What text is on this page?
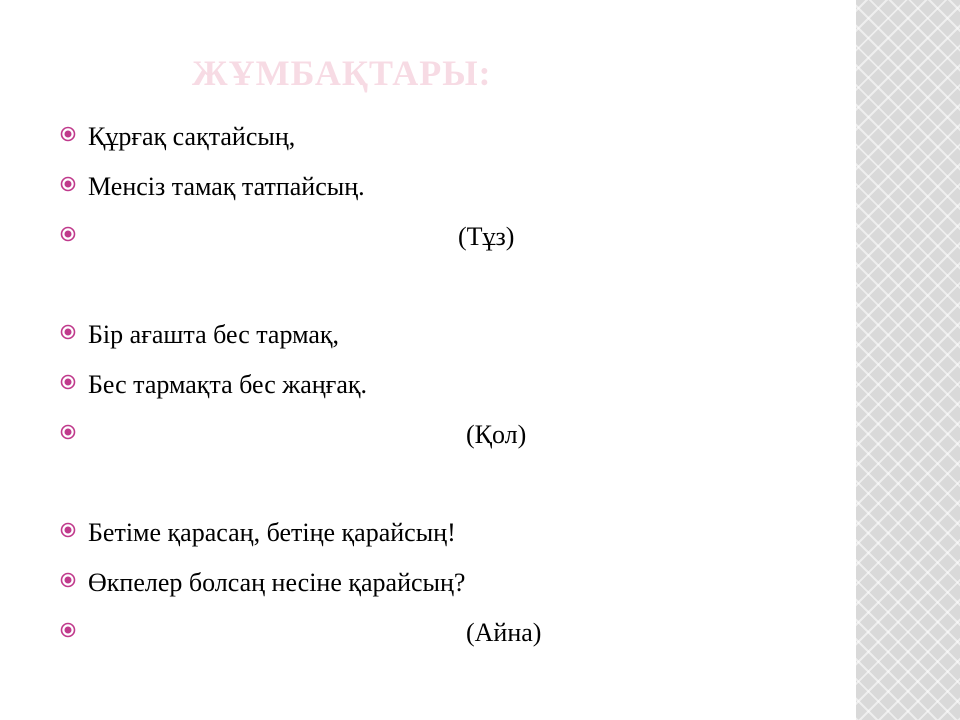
ЖҰМБАҚТАРЫ:
Құрғақ сақтайсың,
Менсіз тамақ татпайсың.
(Тұз)
Бір ағашта бес тармақ,
Бес тармақта бес жаңғақ.
(Қол)
Бетіме қарасаң, бетіңе қарайсың!
Өкпелер болсаң несіне қарайсың?
(Айна)
